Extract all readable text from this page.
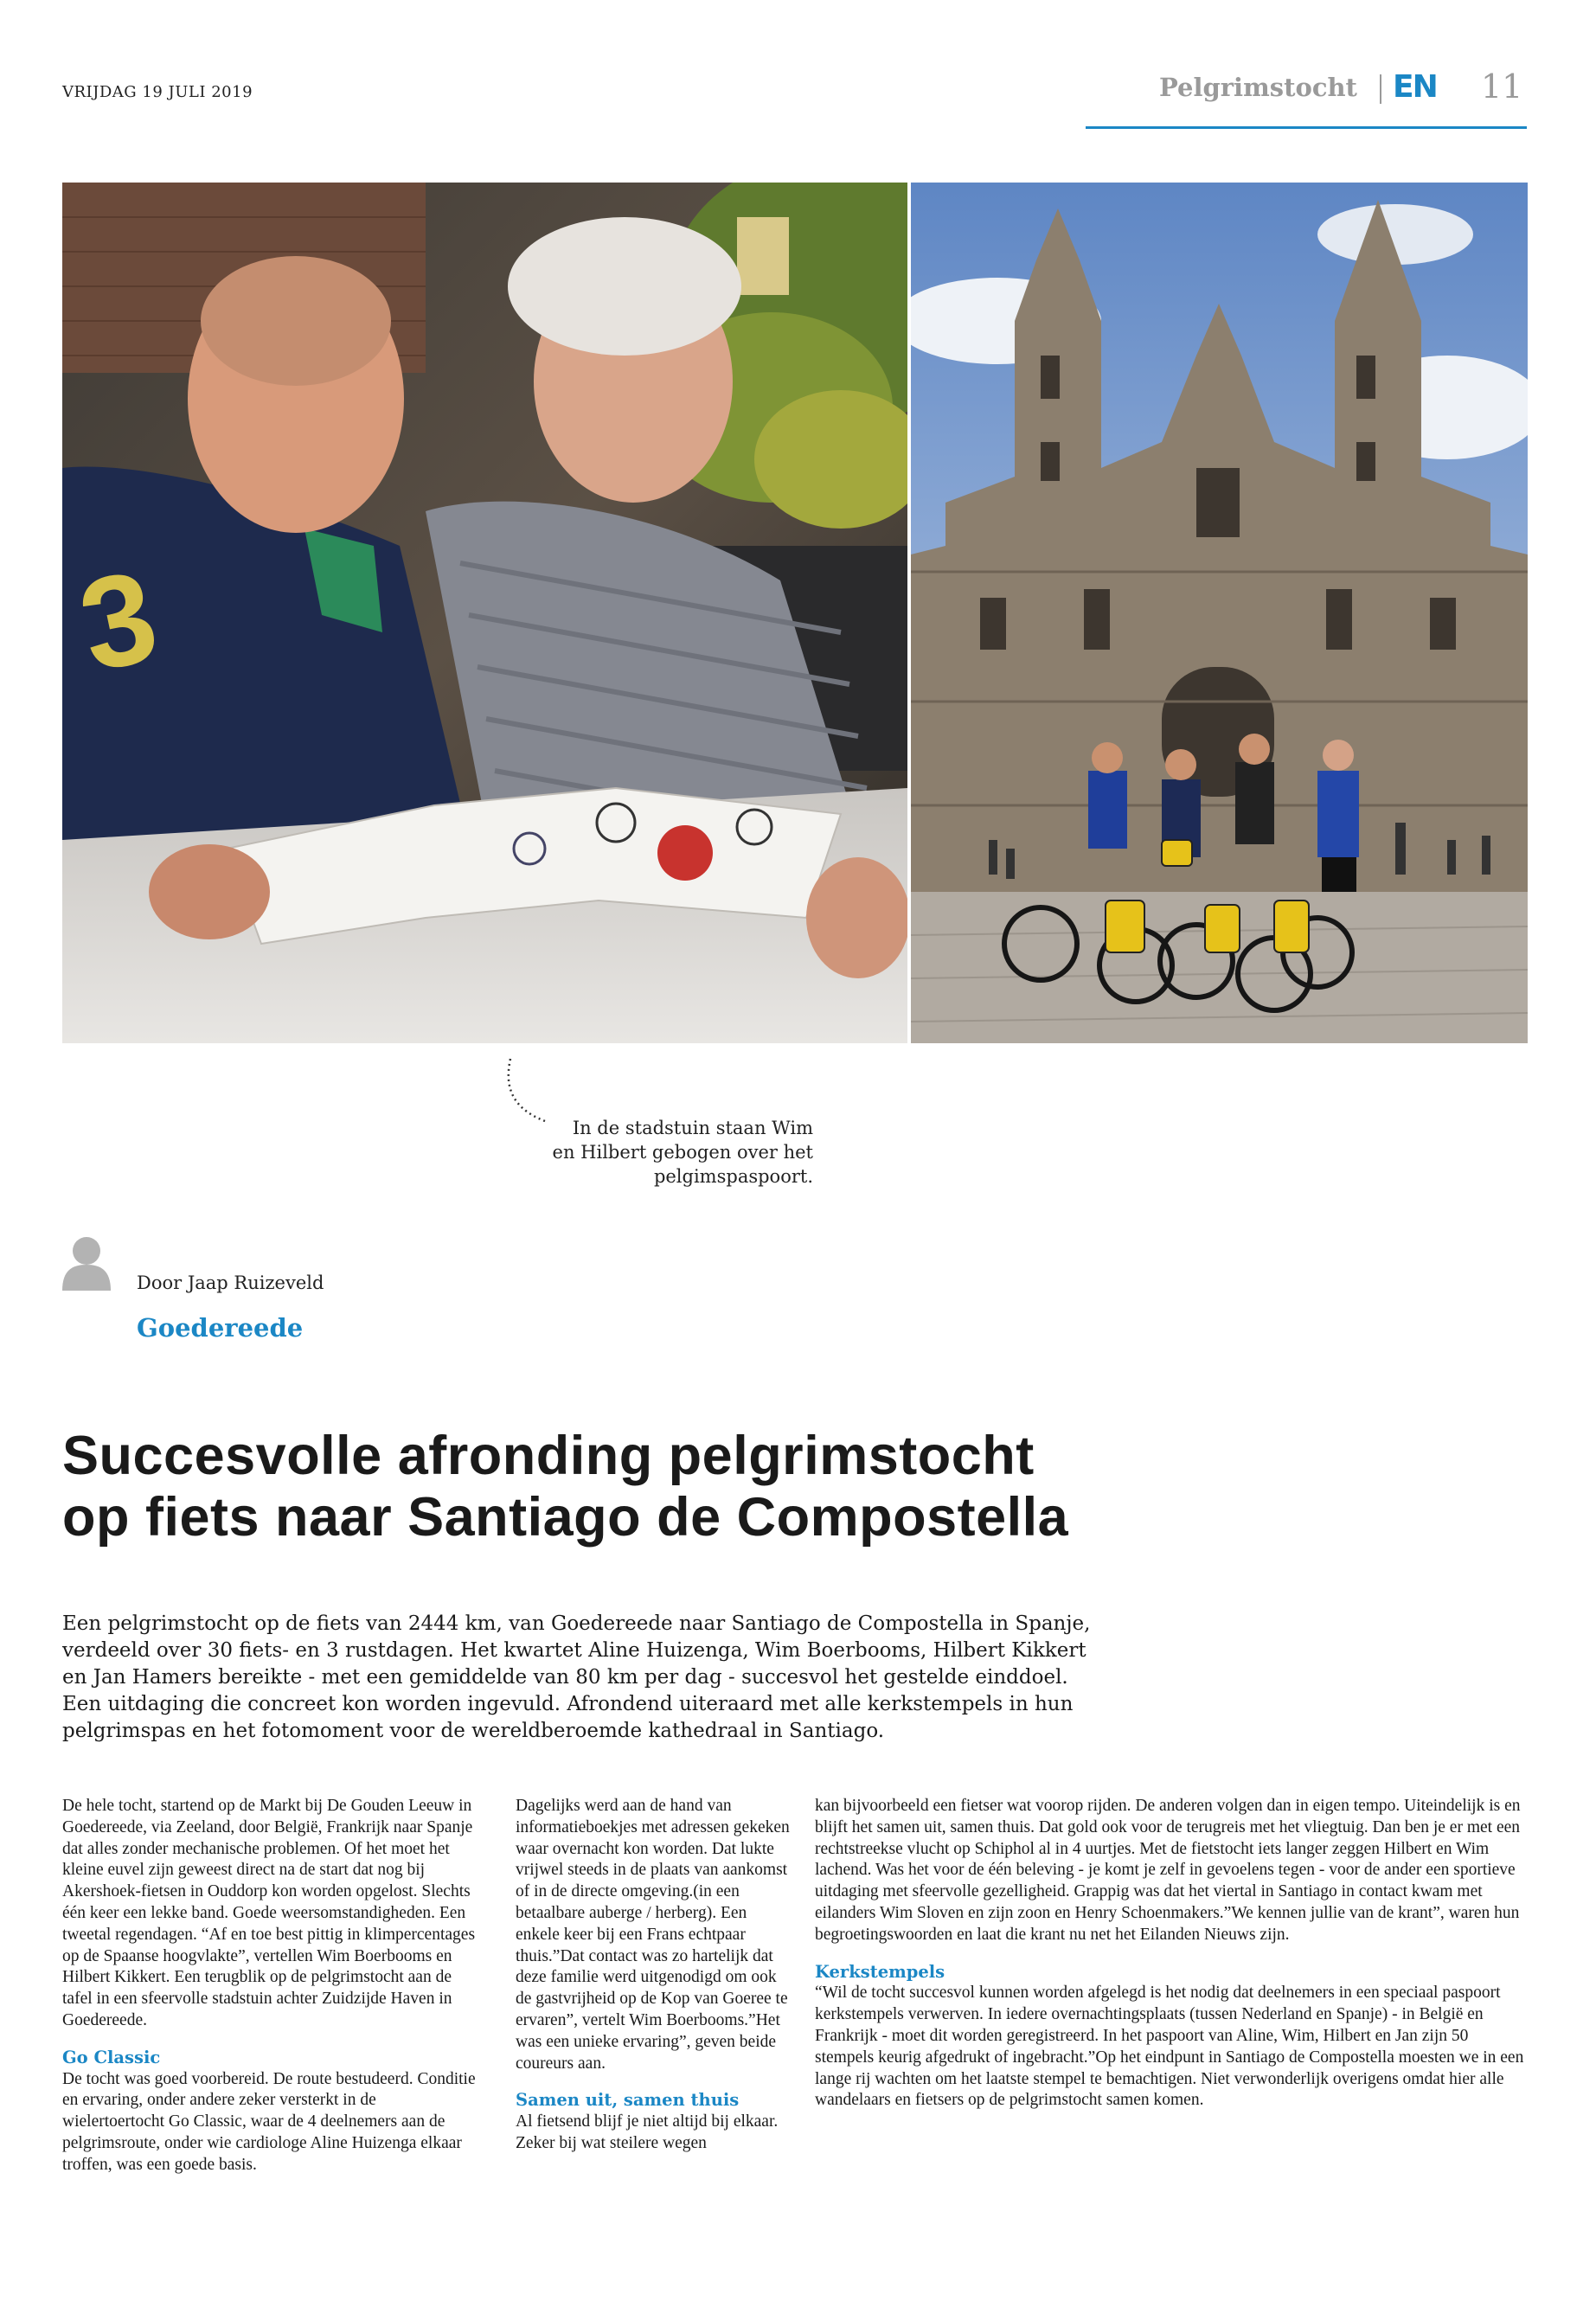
VRIJDAG 19 JULI 2019	Pelgrimstocht EN 11
3
In de stadstuin staan Wim
en Hilbert gebogen over het
pelgimspaspoort.
Door Jaap Ruizeveld
Goedereede
Succesvolle afronding pelgrimstocht
op fiets naar Santiago de Compostella
Een pelgrimstocht op de fiets van 2444 km, van Goedereede naar Santiago de Compostella in Spanje,
verdeeld over 30 fiets- en 3 rustdagen. Het kwartet Aline Huizenga, Wim Boerbooms, Hilbert Kikkert
en Jan Hamers bereikte - met een gemiddelde van 80 km per dag - succesvol het gestelde einddoel.
Een uitdaging die concreet kon worden ingevuld. Afrondend uiteraard met alle kerkstempels in hun
pelgrimspas en het fotomoment voor de wereldberoemde kathedraal in Santiago.

De hele tocht, startend op de Markt bij De Gouden Leeuw in Goedereede, via Zeeland, door België, Frankrijk naar Spanje dat alles zonder mechanische problemen. Of het moet het kleine euvel zijn geweest direct na de start dat nog bij Akershoek-fietsen in Ouddorp kon worden opgelost. Slechts één keer een lekke band. Goede weersomstandigheden. Een tweetal regendagen. “Af en toe best pittig in klimpercentages op de Spaanse hoogvlakte”, vertellen Wim Boerbooms en Hilbert Kikkert. Een terugblik op de pelgrimstocht aan de tafel in een sfeervolle stadstuin achter Zuidzijde Haven in Goedereede.

Go Classic

De tocht was goed voorbereid. De route bestudeerd. Conditie en ervaring, onder andere zeker versterkt in de wielertoertocht Go Classic, waar de 4 deelnemers aan de pelgrimsroute, onder wie cardiologe Aline Huizenga elkaar troffen, was een goede basis.

Dagelijks werd aan de hand van informatieboekjes met adressen gekeken waar overnacht kon worden. Dat lukte vrijwel steeds in de plaats van aankomst of in de directe omgeving.(in een betaalbare auberge / herberg). Een enkele keer bij een Frans echtpaar thuis.”Dat contact was zo hartelijk dat deze familie werd uitgenodigd om ook de gastvrijheid op de Kop van Goeree te ervaren”, vertelt Wim Boerbooms.”Het was een unieke ervaring”, geven beide coureurs aan.

Samen uit, samen thuis

Al fietsend blijf je niet altijd bij elkaar. Zeker bij wat steilere wegen

kan bijvoorbeeld een fietser wat voorop rijden. De anderen volgen dan in eigen tempo. Uiteindelijk is en blijft het samen uit, samen thuis. Dat gold ook voor de terugreis met het vliegtuig. Dan ben je er met een rechtstreekse vlucht op Schiphol al in 4 uurtjes. Met de fietstocht iets langer zeggen Hilbert en Wim lachend. Was het voor de één beleving - je komt je zelf in gevoelens tegen - voor de ander een sportieve uitdaging met sfeervolle gezelligheid. Grappig was dat het viertal in Santiago in contact kwam met eilanders Wim Sloven en zijn zoon en Henry Schoenmakers.”We kennen jullie van de krant”, waren hun begroetingswoorden en laat die krant nu net het Eilanden Nieuws zijn.

Kerkstempels

“Wil de tocht succesvol kunnen worden afgelegd is het nodig dat deelnemers in een speciaal paspoort kerkstempels verwerven. In iedere overnachtingsplaats (tussen Nederland en Spanje) - in België en Frankrijk - moet dit worden geregistreerd. In het paspoort van Aline, Wim, Hilbert en Jan zijn 50 stempels keurig afgedrukt of ingebracht.”Op het eindpunt in Santiago de Compostella moesten we in een lange rij wachten om het laatste stempel te bemachtigen. Niet verwonderlijk overigens omdat hier alle wandelaars en fietsers op de pelgrimstocht samen komen.
